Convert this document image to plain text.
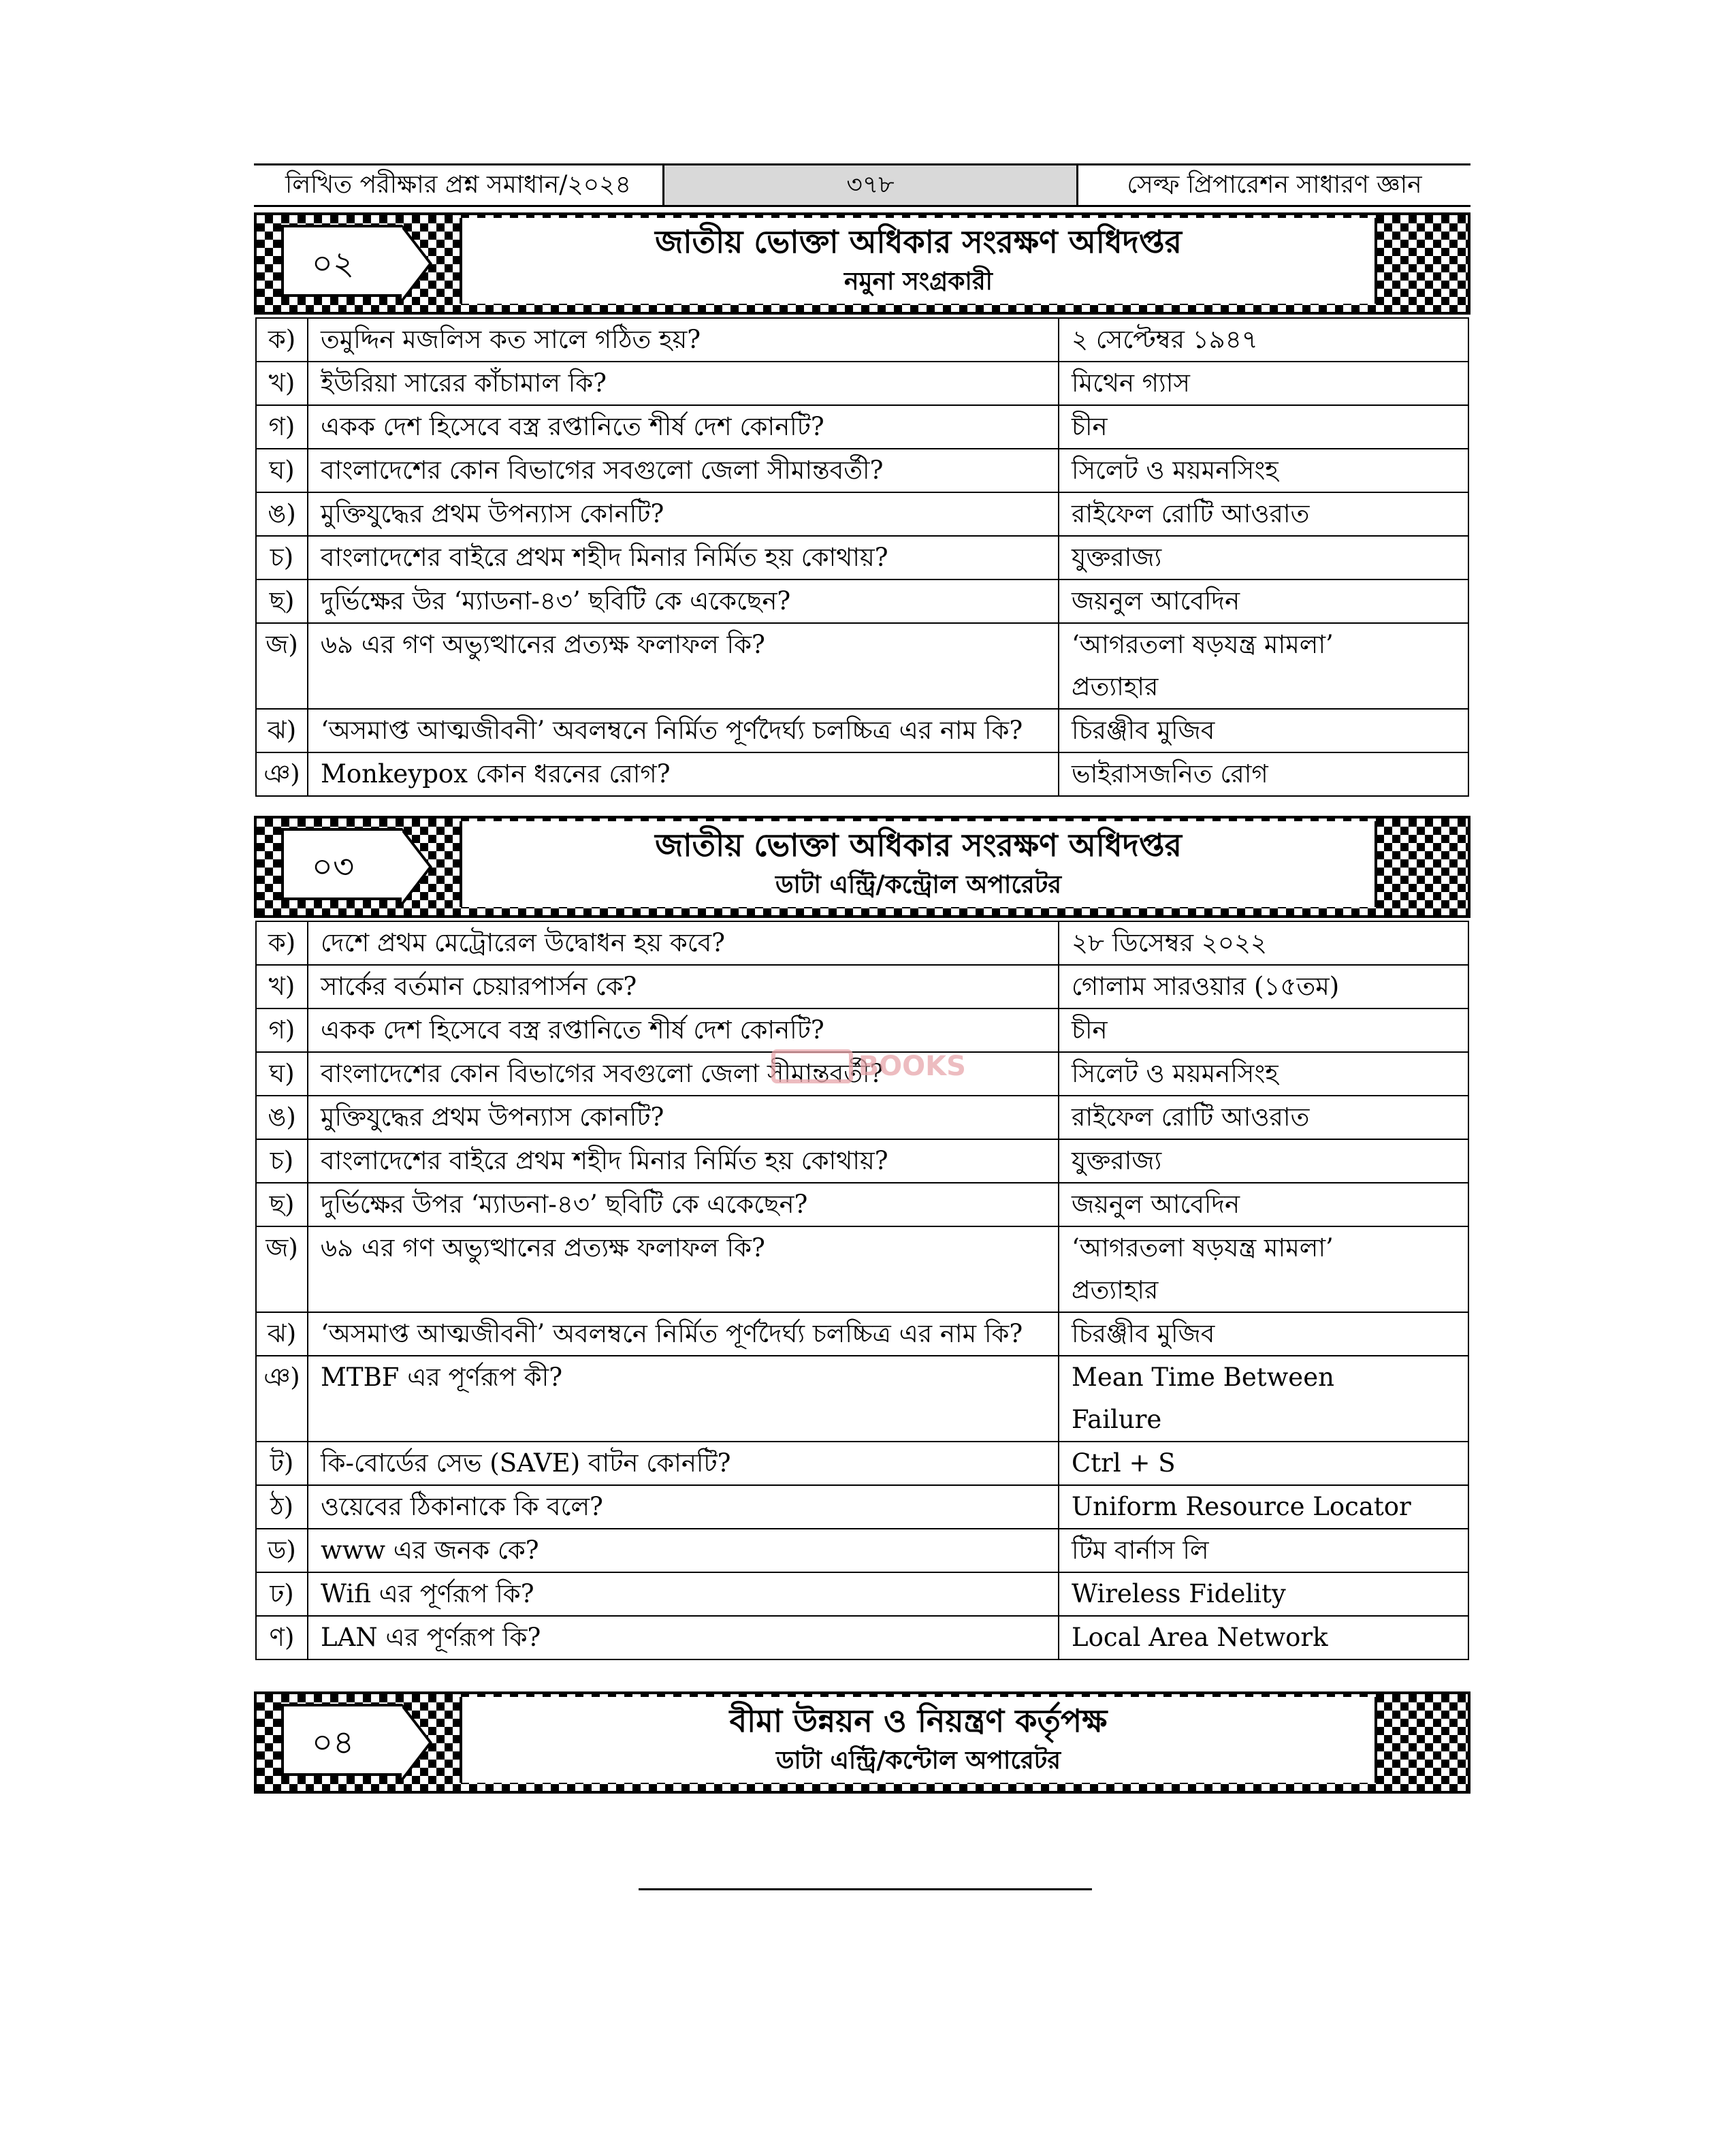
লিখিত পরীক্ষার প্রশ্ন সমাধান/২০২৪	৩৭৮	সেল্ফ প্রিপারেশন সাধারণ জ্ঞান
০২
জাতীয় ভোক্তা অধিকার সংরক্ষণ অধিদপ্তর
নমুনা সংগ্রকারী
ক)	তমুদ্দিন মজলিস কত সালে গঠিত হয়?	২ সেপ্টেম্বর ১৯৪৭
খ)	ইউরিয়া সারের কাঁচামাল কি?	মিথেন গ্যাস
গ)	একক দেশ হিসেবে বস্ত্র রপ্তানিতে শীর্ষ দেশ কোনটি?	চীন
ঘ)	বাংলাদেশের কোন বিভাগের সবগুলো জেলা সীমান্তবর্তী?	সিলেট ও ময়মনসিংহ
ঙ)	মুক্তিযুদ্ধের প্রথম উপন্যাস কোনটি?	রাইফেল রোটি আওরাত
চ)	বাংলাদেশের বাইরে প্রথম শহীদ মিনার নির্মিত হয় কোথায়?	যুক্তরাজ্য
ছ)	দুর্ভিক্ষের উর ‘ম্যাডনা-৪৩’ ছবিটি কে একেছেন?	জয়নুল আবেদিন
জ)	৬৯ এর গণ অভ্যুত্থানের প্রত্যক্ষ ফলাফল কি?	‘আগরতলা ষড়যন্ত্র মামলা’
প্রত্যাহার

ঝ)	‘অসমাপ্ত আত্মজীবনী’ অবলম্বনে নির্মিত পূর্ণদৈর্ঘ্য চলচ্চিত্র এর নাম কি?	চিরঞ্জীব মুজিব
ঞ)	Monkeypox কোন ধরনের রোগ?	ভাইরাসজনিত রোগ
০৩
জাতীয় ভোক্তা অধিকার সংরক্ষণ অধিদপ্তর
ডাটা এন্ট্রি/কন্ট্রোল অপারেটর
ক)	দেশে প্রথম মেট্রোরেল উদ্বোধন হয় কবে?	২৮ ডিসেম্বর ২০২২
খ)	সার্কের বর্তমান চেয়ারপার্সন কে?	গোলাম সারওয়ার (১৫তম)
গ)	একক দেশ হিসেবে বস্ত্র রপ্তানিতে শীর্ষ দেশ কোনটি?	চীন
ঘ)	বাংলাদেশের কোন বিভাগের সবগুলো জেলা সীমান্তবর্তী?	সিলেট ও ময়মনসিংহ
ঙ)	মুক্তিযুদ্ধের প্রথম উপন্যাস কোনটি?	রাইফেল রোটি আওরাত
চ)	বাংলাদেশের বাইরে প্রথম শহীদ মিনার নির্মিত হয় কোথায়?	যুক্তরাজ্য
ছ)	দুর্ভিক্ষের উপর ‘ম্যাডনা-৪৩’ ছবিটি কে একেছেন?	জয়নুল আবেদিন
জ)	৬৯ এর গণ অভ্যুত্থানের প্রত্যক্ষ ফলাফল কি?	‘আগরতলা ষড়যন্ত্র মামলা’
প্রত্যাহার

ঝ)	‘অসমাপ্ত আত্মজীবনী’ অবলম্বনে নির্মিত পূর্ণদৈর্ঘ্য চলচ্চিত্র এর নাম কি?	চিরঞ্জীব মুজিব
ঞ)	MTBF এর পূর্ণরূপ কী?	Mean Time Between
Failure

ট)	কি-বোর্ডের সেভ (SAVE) বাটন কোনটি?	Ctrl + S
ঠ)	ওয়েবের ঠিকানাকে কি বলে?	Uniform Resource Locator
ড)	www এর জনক কে?	টিম বার্নাস লি
ঢ)	Wifi এর পূর্ণরূপ কি?	Wireless Fidelity
ণ)	LAN এর পূর্ণরূপ কি?	Local Area Network
০৪
বীমা উন্নয়ন ও নিয়ন্ত্রণ কর্তৃপক্ষ
ডাটা এন্ট্রি/কন্টোল অপারেটর
BOOKS
